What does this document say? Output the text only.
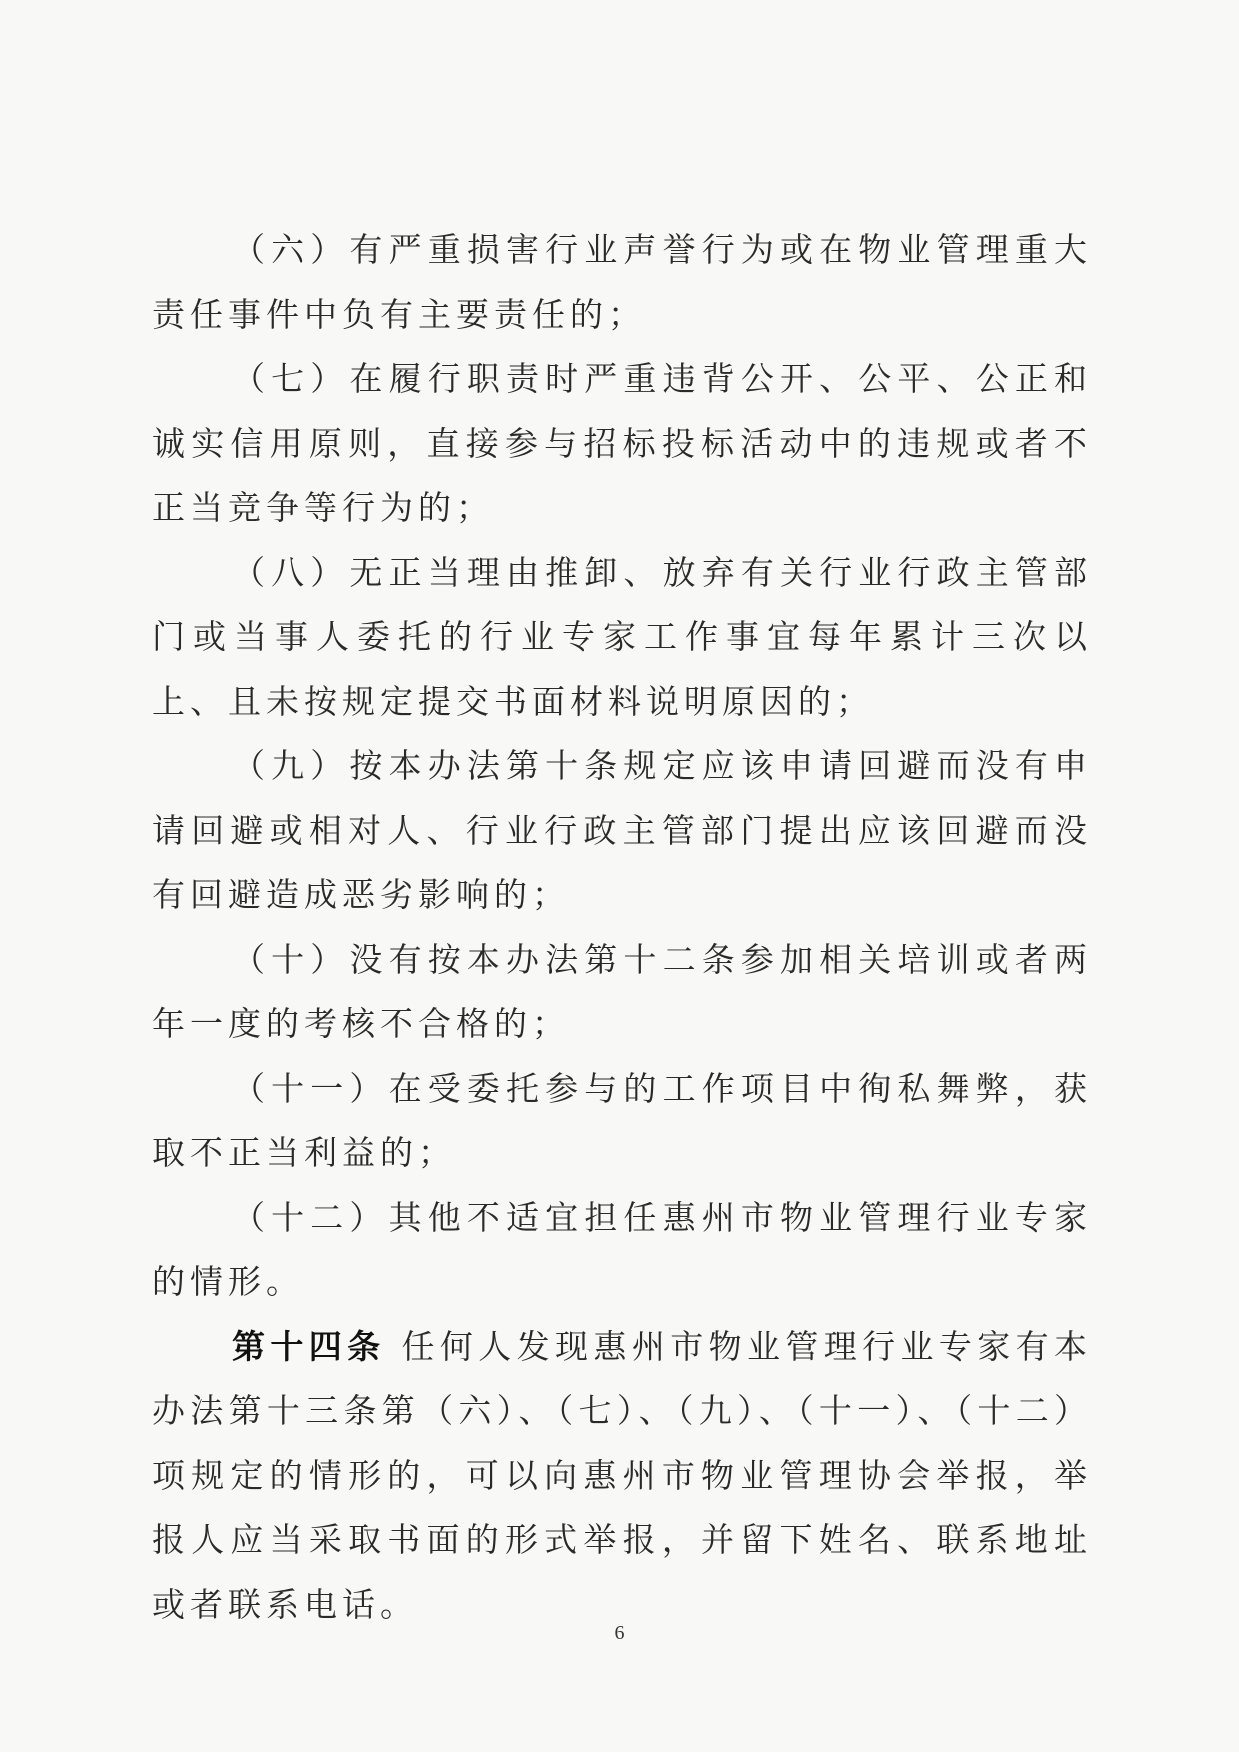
（六）有严重损害行业声誉行为或在物业管理重大责任事件中负有主要责任的；

（七）在履行职责时严重违背公开、公平、公正和诚实信用原则，直接参与招标投标活动中的违规或者不正当竞争等行为的；

（八）无正当理由推卸、放弃有关行业行政主管部门或当事人委托的行业专家工作事宜每年累计三次以上、且未按规定提交书面材料说明原因的；

（九）按本办法第十条规定应该申请回避而没有申请回避或相对人、行业行政主管部门提出应该回避而没有回避造成恶劣影响的；

（十）没有按本办法第十二条参加相关培训或者两年一度的考核不合格的；

（十一）在受委托参与的工作项目中徇私舞弊，获取不正当利益的；

（十二）其他不适宜担任惠州市物业管理行业专家的情形。

第十四条 任何人发现惠州市物业管理行业专家有本办法第十三条第（六）、（七）、（九）、（十一）、（十二）项规定的情形的，可以向惠州市物业管理协会举报，举报人应当采取书面的形式举报，并留下姓名、联系地址或者联系电话。

6
